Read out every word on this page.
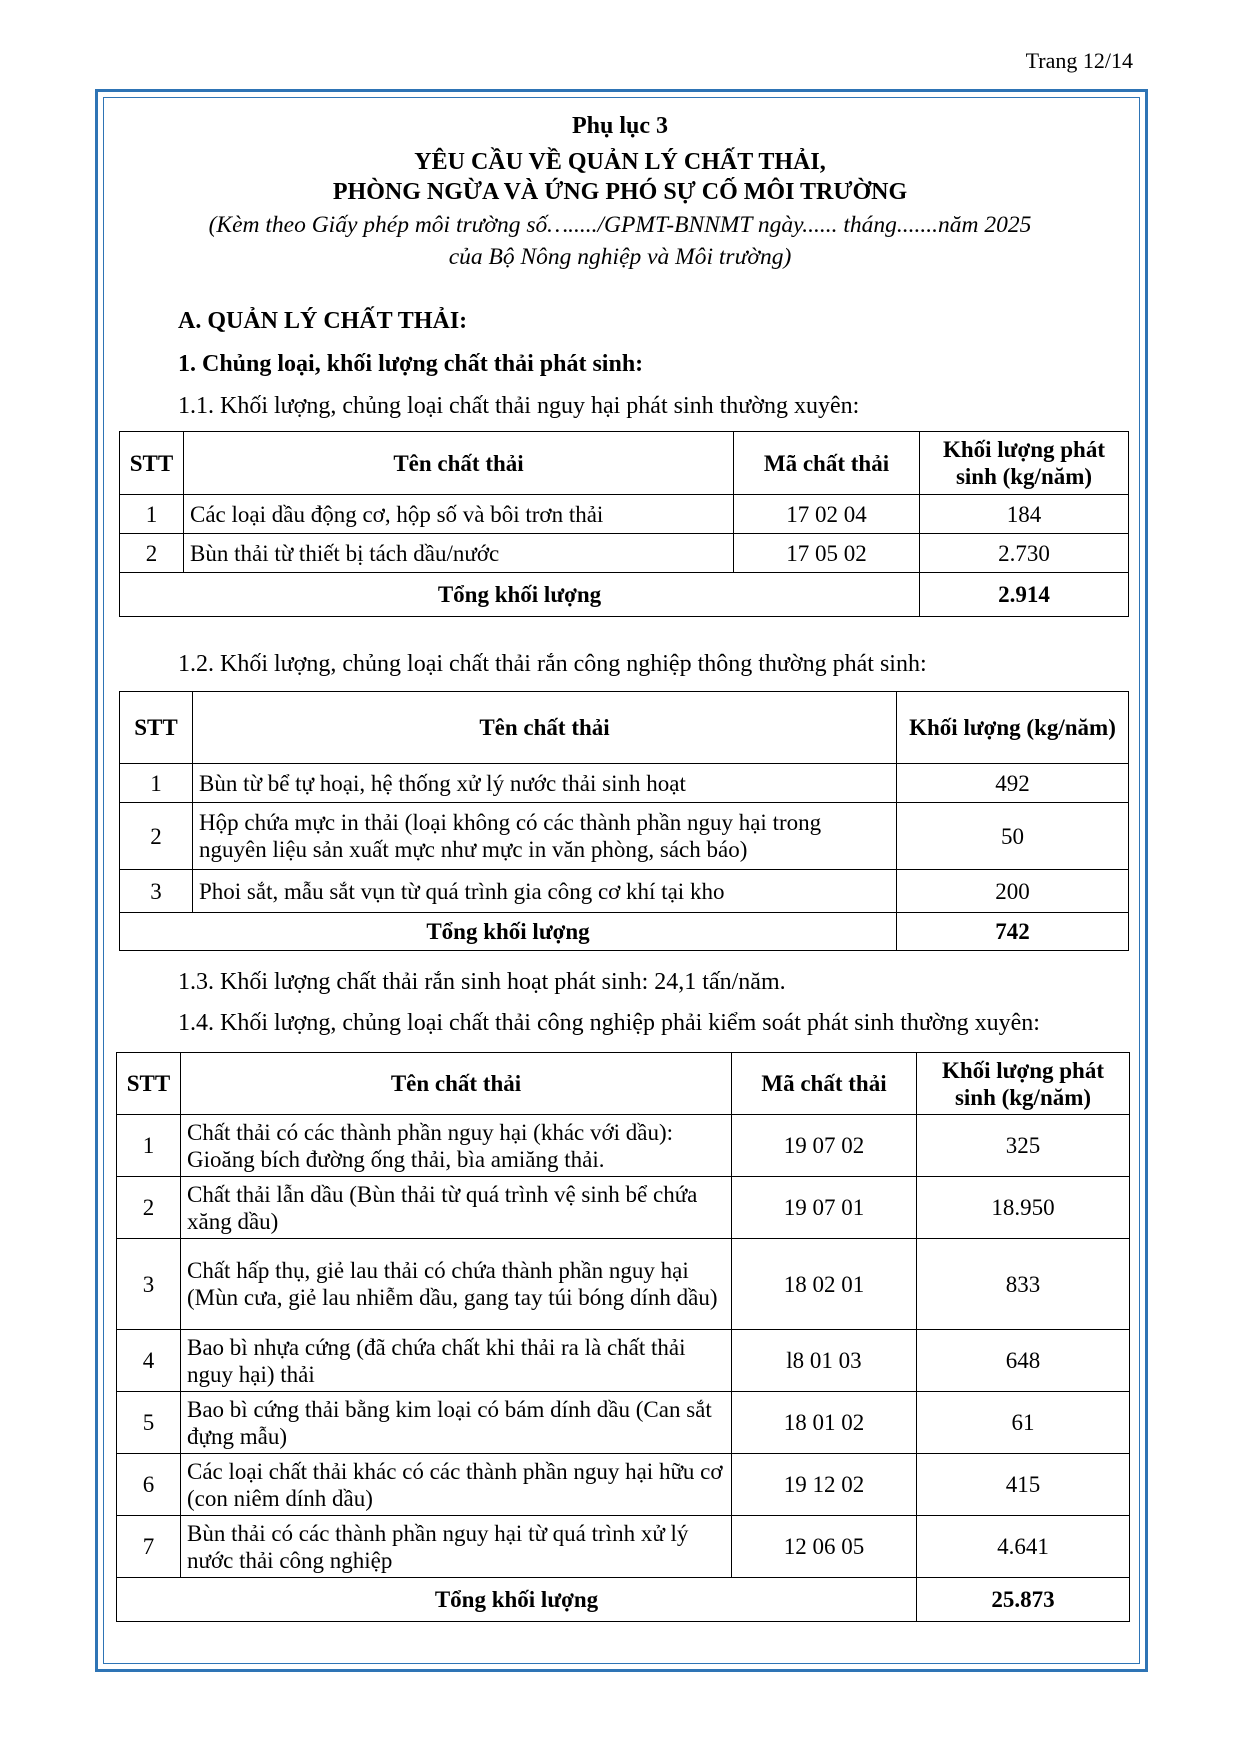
Trang 12/14
Phụ lục 3
YÊU CẦU VỀ QUẢN LÝ CHẤT THẢI,
PHÒNG NGỪA VÀ ỨNG PHÓ SỰ CỐ MÔI TRƯỜNG
(Kèm theo Giấy phép môi trường số…...../GPMT-BNNMT ngày...... tháng.......năm 2025
của Bộ Nông nghiệp và Môi trường)
A. QUẢN LÝ CHẤT THẢI:
1. Chủng loại, khối lượng chất thải phát sinh:
1.1. Khối lượng, chủng loại chất thải nguy hại phát sinh thường xuyên:
STT	Tên chất thải	Mã chất thải	Khối lượng phát sinh (kg/năm)
1	Các loại dầu động cơ, hộp số và bôi trơn thải	17 02 04	184
2	Bùn thải từ thiết bị tách dầu/nước	17 05 02	2.730
Tổng khối lượng			2.914
1.2. Khối lượng, chủng loại chất thải rắn công nghiệp thông thường phát sinh:
STT	Tên chất thải	Khối lượng (kg/năm)
1	Bùn từ bể tự hoại, hệ thống xử lý nước thải sinh hoạt	492
2	Hộp chứa mực in thải (loại không có các thành phần nguy hại trong nguyên liệu sản xuất mực như mực in văn phòng, sách báo)	50
3	Phoi sắt, mẫu sắt vụn từ quá trình gia công cơ khí tại kho	200
Tổng khối lượng		742
1.3. Khối lượng chất thải rắn sinh hoạt phát sinh: 24,1 tấn/năm.
1.4. Khối lượng, chủng loại chất thải công nghiệp phải kiểm soát phát sinh thường xuyên:
STT	Tên chất thải	Mã chất thải	Khối lượng phát sinh (kg/năm)
1	Chất thải có các thành phần nguy hại (khác với dầu): Gioăng bích đường ống thải, bìa amiăng thải.	19 07 02	325
2	Chất thải lẫn dầu (Bùn thải từ quá trình vệ sinh bể chứa xăng dầu)	19 07 01	18.950
3	Chất hấp thụ, giẻ lau thải có chứa thành phần nguy hại (Mùn cưa, giẻ lau nhiễm dầu, gang tay túi bóng dính dầu)	18 02 01	833
4	Bao bì nhựa cứng (đã chứa chất khi thải ra là chất thải nguy hại) thải	l8 01 03	648
5	Bao bì cứng thải bằng kim loại có bám dính dầu (Can sắt đựng mẫu)	18 01 02	61
6	Các loại chất thải khác có các thành phần nguy hại hữu cơ (con niêm dính dầu)	19 12 02	415
7	Bùn thải có các thành phần nguy hại từ quá trình xử lý nước thải công nghiệp	12 06 05	4.641
Tổng khối lượng			25.873
